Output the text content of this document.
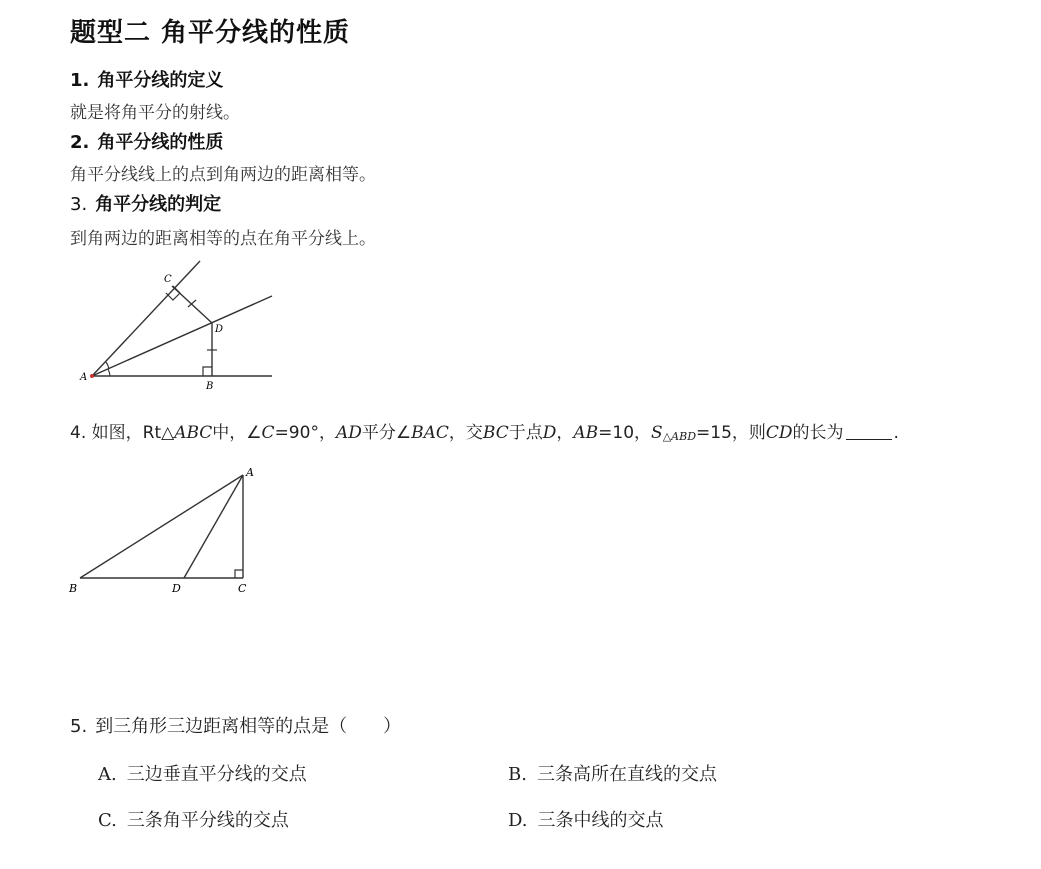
题型二 角平分线的性质
1. 角平分线的定义
就是将角平分的射线。
2. 角平分线的性质
角平分线线上的点到角两边的距离相等。
3. 角平分线的判定
到角两边的距离相等的点在角平分线上。
A
C
D
B
4. 如图，Rt△ABC中，∠C=90°，AD平分∠BAC，交BC于点D，AB=10，S△ABD=15，则CD的长为	.
A
B	D	C
5. 到三角形三边距离相等的点是（　　）
A. 三边垂直平分线的交点	B. 三条高所在直线的交点
C. 三条角平分线的交点	D. 三条中线的交点
